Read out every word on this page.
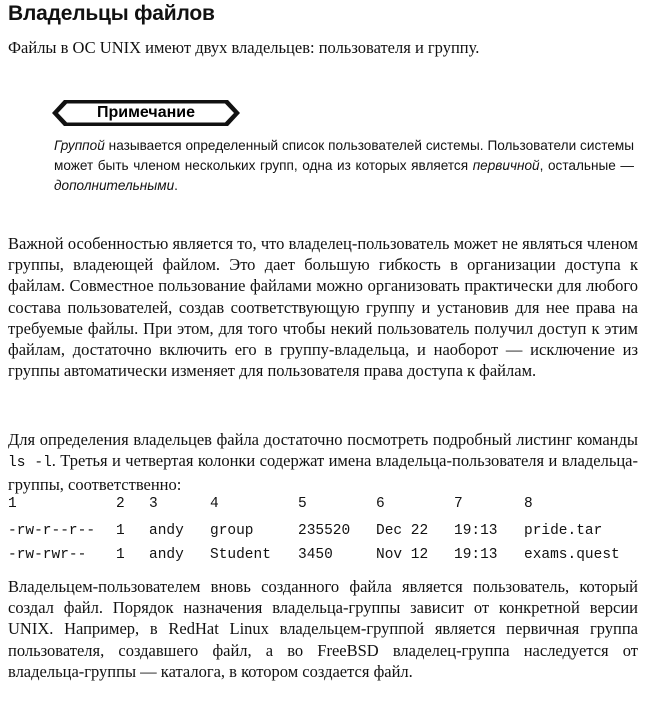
Владельцы файлов

Файлы в ОС UNIX имеют двух владельцев: пользователя и группу.

Примечание

Группой называется определенный список пользователей системы. Пользователи системы может быть членом нескольких групп, одна из которых является первичной, остальные — дополнительными.

Важной особенностью является то, что владелец-пользователь может не являться членом группы, владеющей файлом. Это дает большую гибкость в организации доступа к файлам. Совместное пользование файлами можно организовать практически для любого состава пользователей, создав соответствующую группу и установив для нее права на требуемые файлы. При этом, для того чтобы некий пользователь получил доступ к этим файлам, достаточно включить его в группу-владельца, и наоборот — исключение из группы автоматически изменяет для пользователя права доступа к файлам.

Для определения владельцев файла достаточно посмотреть подробный листинг команды ls -l. Третья и четвертая колонки содержат имена владельца-пользователя и владельца-группы, соответственно:

1	2 3	4	5	6	7	8
-rw-r--r-- 1 andy group	235520 Dec 22 19:13 pride.tar
-rw-rwr-- 1 andy Student 3450	Nov 12 19:13 exams.quest

Владельцем-пользователем вновь созданного файла является пользователь, который создал файл. Порядок назначения владельца-группы зависит от конкретной версии UNIX. Например, в RedHat Linux владельцем-группой является первичная группа пользователя, создавшего файл, а во FreeBSD владелец-группа наследуется от владельца-группы — каталога, в котором создается файл.
